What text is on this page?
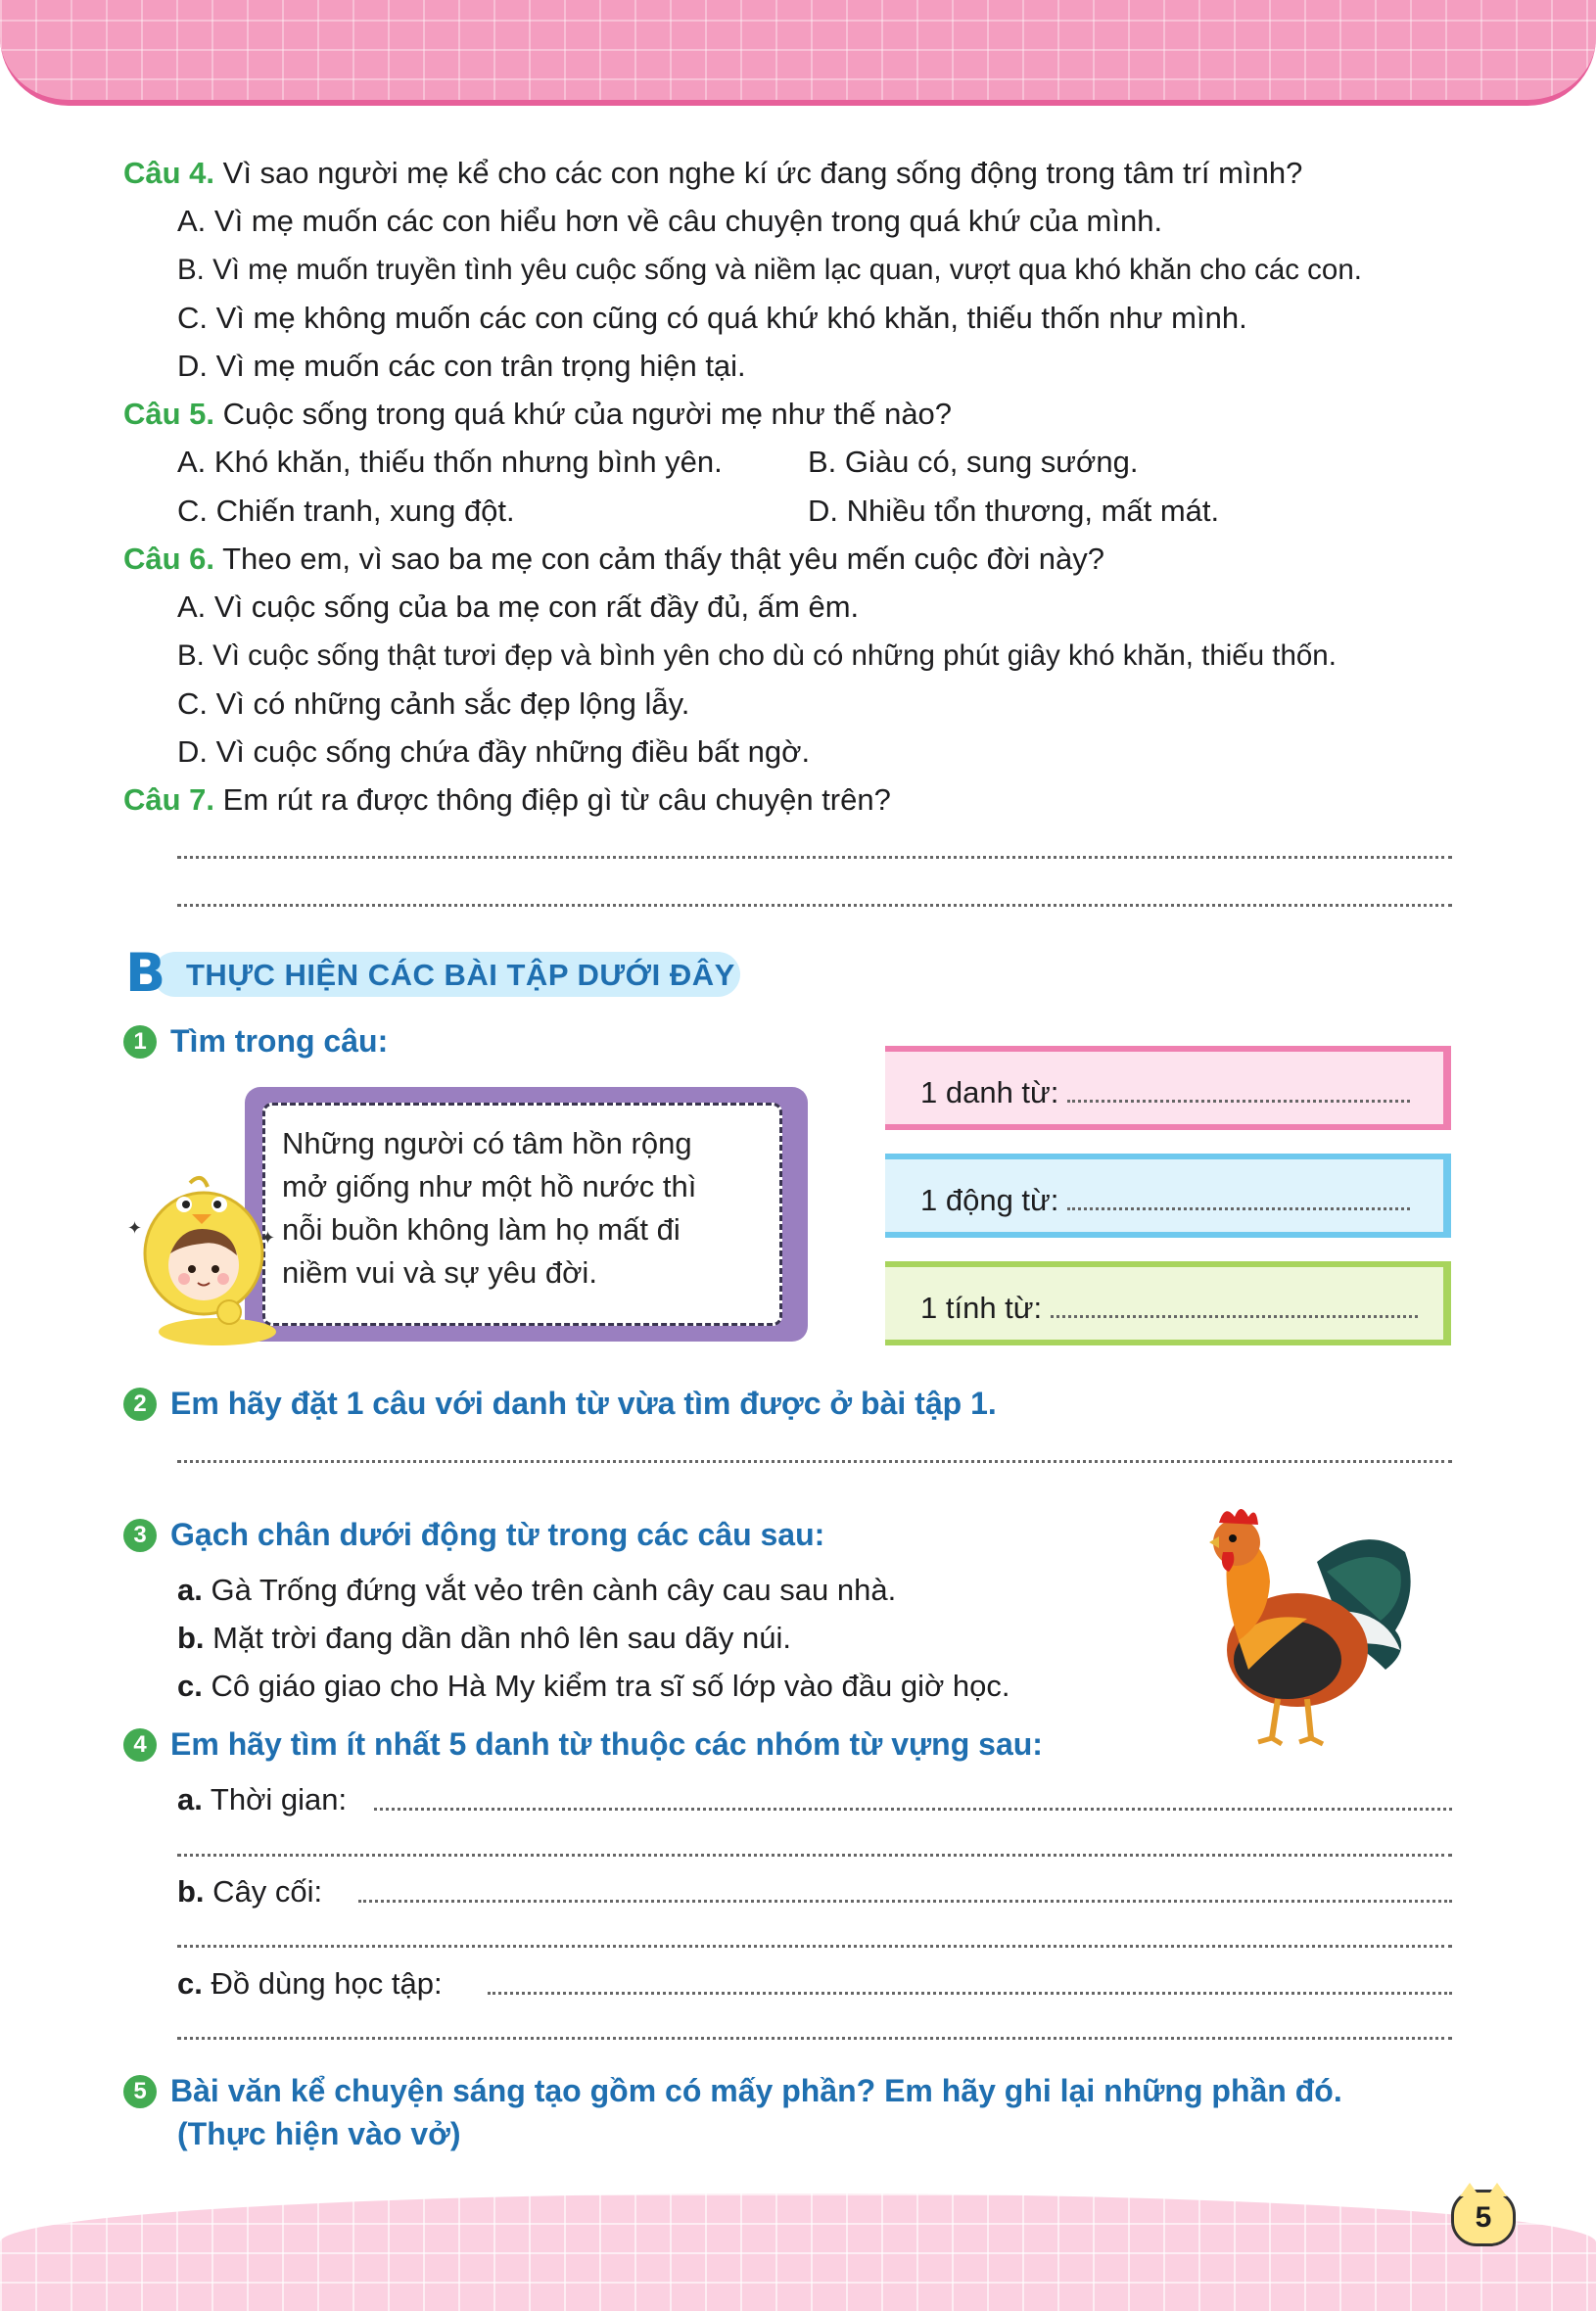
5
Câu 4. Vì sao người mẹ kể cho các con nghe kí ức đang sống động trong tâm trí mình?
A. Vì mẹ muốn các con hiểu hơn về câu chuyện trong quá khứ của mình.
B. Vì mẹ muốn truyền tình yêu cuộc sống và niềm lạc quan, vượt qua khó khăn cho các con.
C. Vì mẹ không muốn các con cũng có quá khứ khó khăn, thiếu thốn như mình.
D. Vì mẹ muốn các con trân trọng hiện tại.
Câu 5. Cuộc sống trong quá khứ của người mẹ như thế nào?
A. Khó khăn, thiếu thốn nhưng bình yên.	B. Giàu có, sung sướng.
C. Chiến tranh, xung đột.	D. Nhiều tổn thương, mất mát.
Câu 6. Theo em, vì sao ba mẹ con cảm thấy thật yêu mến cuộc đời này?
A. Vì cuộc sống của ba mẹ con rất đầy đủ, ấm êm.
B. Vì cuộc sống thật tươi đẹp và bình yên cho dù có những phút giây khó khăn, thiếu thốn.
C. Vì có những cảnh sắc đẹp lộng lẫy.
D. Vì cuộc sống chứa đầy những điều bất ngờ.
Câu 7. Em rút ra được thông điệp gì từ câu chuyện trên?
B THỰC HIỆN CÁC BÀI TẬP DƯỚI ĐÂY
1 Tìm trong câu:
Những người có tâm hồn rộng mở giống như một hồ nước thì nỗi buồn không làm họ mất đi niềm vui và sự yêu đời.
✦	✦
1 danh từ:
1 động từ:
1 tính từ:
2 Em hãy đặt 1 câu với danh từ vừa tìm được ở bài tập 1.
3 Gạch chân dưới động từ trong các câu sau:
a. Gà Trống đứng vắt vẻo trên cành cây cau sau nhà.
b. Mặt trời đang dần dần nhô lên sau dãy núi.
c. Cô giáo giao cho Hà My kiểm tra sĩ số lớp vào đầu giờ học.
4 Em hãy tìm ít nhất 5 danh từ thuộc các nhóm từ vựng sau:
a. Thời gian:
b. Cây cối:
c. Đồ dùng học tập:
5 Bài văn kể chuyện sáng tạo gồm có mấy phần? Em hãy ghi lại những phần đó.
(Thực hiện vào vở)
